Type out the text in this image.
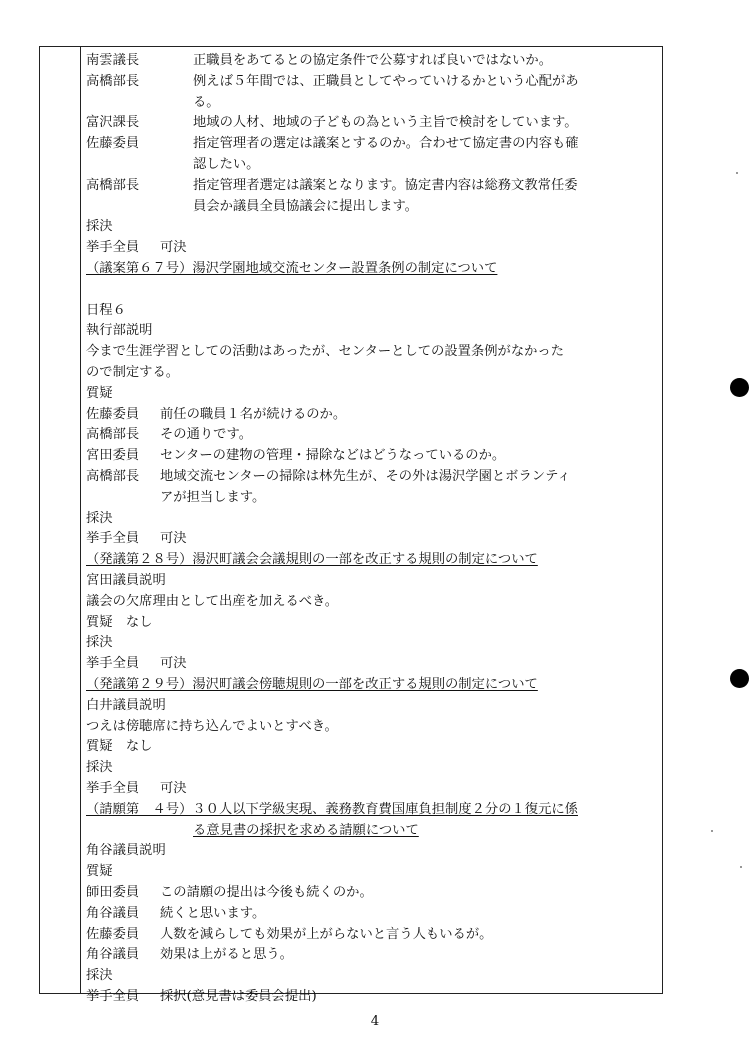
南雲議長	正職員をあてるとの協定条件で公募すれば良いではないか。
高橋部長	例えば５年間では、正職員としてやっていけるかという心配があ
る。
富沢課長	地域の人材、地域の子どもの為という主旨で検討をしています。
佐藤委員	指定管理者の選定は議案とするのか。合わせて協定書の内容も確
認したい。
高橋部長	指定管理者選定は議案となります。協定書内容は総務文教常任委
員会か議員全員協議会に提出します。
採決
挙手全員 可決
（議案第６７号）湯沢学園地域交流センター設置条例の制定について
日程６
執行部説明
今まで生涯学習としての活動はあったが、センターとしての設置条例がなかった
ので制定する。
質疑
佐藤委員 前任の職員１名が続けるのか。
高橋部長 その通りです。
宮田委員 センターの建物の管理・掃除などはどうなっているのか。
高橋部長 地域交流センターの掃除は林先生が、その外は湯沢学園とボランティ
アが担当します。
採決
挙手全員 可決
（発議第２８号）湯沢町議会会議規則の一部を改正する規則の制定について
宮田議員説明
議会の欠席理由として出産を加えるべき。
質疑　なし
採決
挙手全員 可決
（発議第２９号）湯沢町議会傍聴規則の一部を改正する規則の制定について
白井議員説明
つえは傍聴席に持ち込んでよいとすべき。
質疑　なし
採決
挙手全員 可決
（請願第　４号）３０人以下学級実現、義務教育費国庫負担制度２分の１復元に係
る意見書の採択を求める請願について
角谷議員説明
質疑
師田委員 この請願の提出は今後も続くのか。
角谷議員 続くと思います。
佐藤委員 人数を減らしても効果が上がらないと言う人もいるが。
角谷議員 効果は上がると思う。
採決
挙手全員 採択(意見書は委員会提出)
4
